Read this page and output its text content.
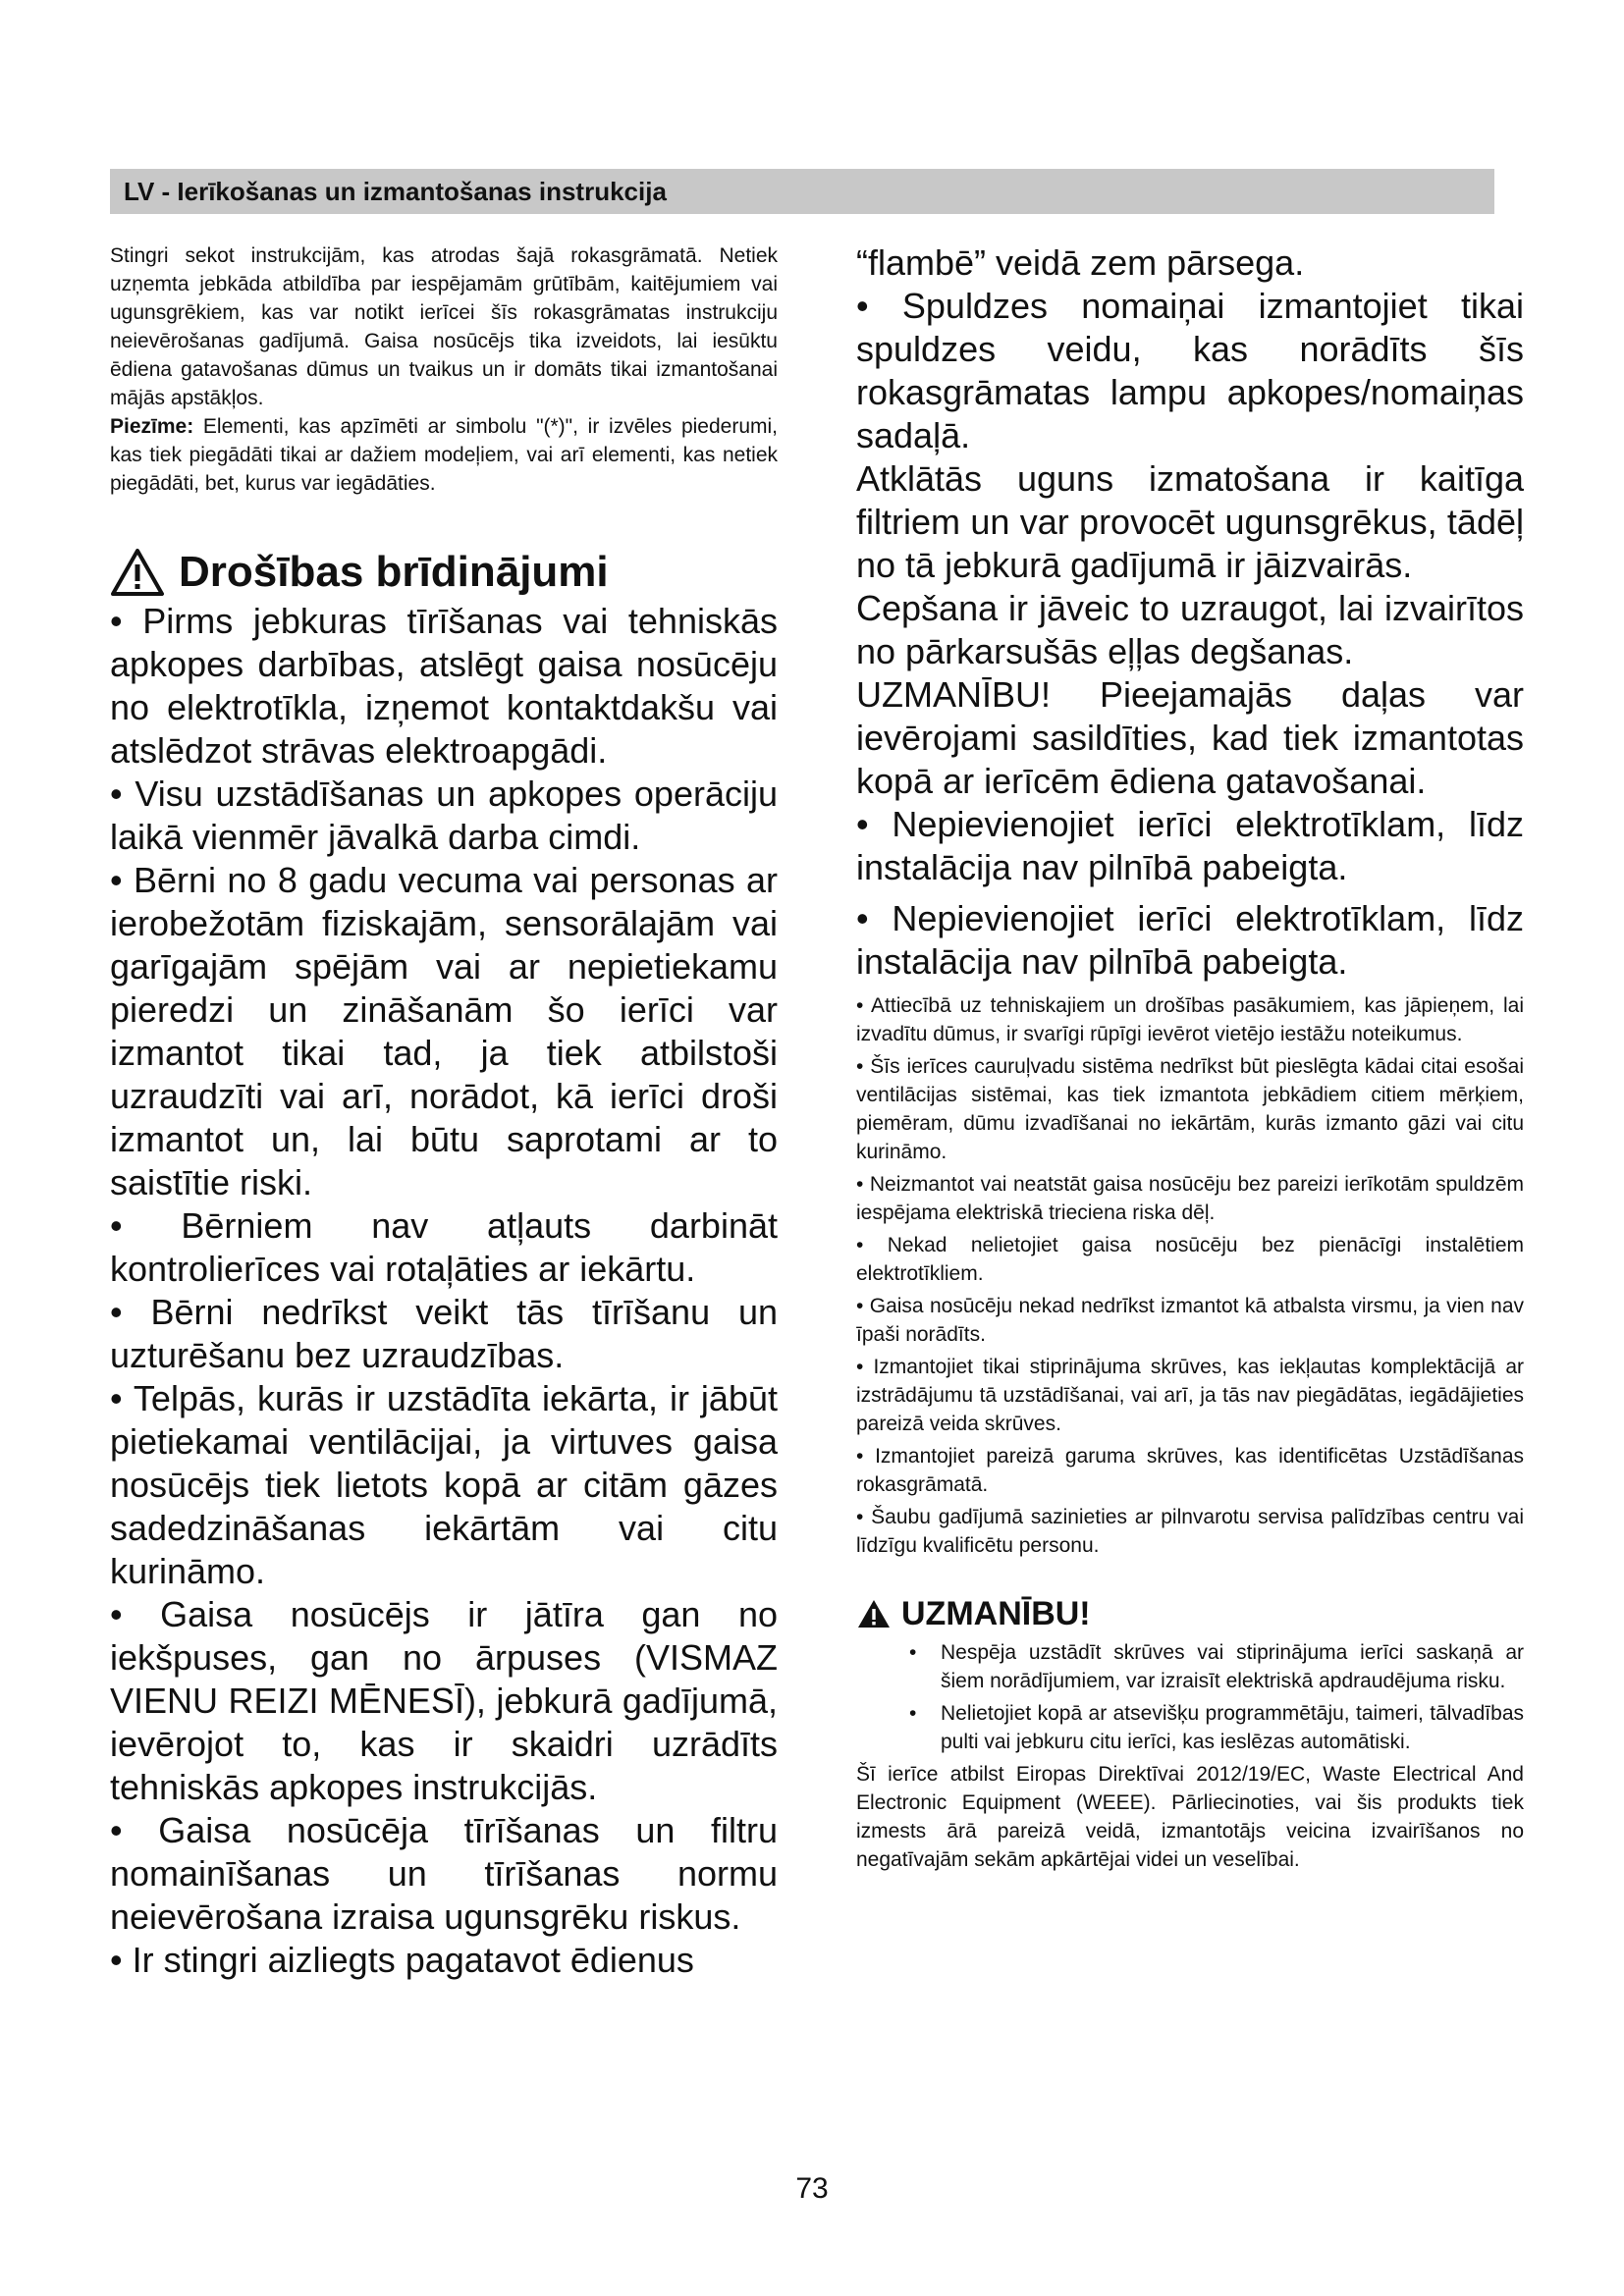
LV - Ierīkošanas un izmantošanas instrukcija

Stingri sekot instrukcijām, kas atrodas šajā rokasgrāmatā. Netiek uzņemta jebkāda atbildība par iespējamām grūtībām, kaitējumiem vai ugunsgrēkiem, kas var notikt ierīcei šīs rokasgrāmatas instrukciju neievērošanas gadījumā. Gaisa nosūcējs tika izveidots, lai iesūktu ēdiena gatavošanas dūmus un tvaikus un ir domāts tikai izmantošanai mājās apstākļos.

Piezīme: Elementi, kas apzīmēti ar simbolu "(*)", ir izvēles piederumi, kas tiek piegādāti tikai ar dažiem modeļiem, vai arī elementi, kas netiek piegādāti, bet, kurus var iegādāties.

Drošības brīdinājumi

• Pirms jebkuras tīrīšanas vai tehniskās apkopes darbības, atslēgt gaisa nosūcēju no elektrotīkla, izņemot kontaktdakšu vai atslēdzot strāvas elektroapgādi.

• Visu uzstādīšanas un apkopes operāciju laikā vienmēr jāvalkā darba cimdi.

• Bērni no 8 gadu vecuma vai personas ar ierobežotām fiziskajām, sensorālajām vai garīgajām spējām vai ar nepietiekamu pieredzi un zināšanām šo ierīci var izmantot tikai tad, ja tiek atbilstoši uzraudzīti vai arī, norādot, kā ierīci droši izmantot un, lai būtu saprotami ar to saistītie riski.

• Bērniem nav atļauts darbināt kontrolierīces vai rotaļāties ar iekārtu.

• Bērni nedrīkst veikt tās tīrīšanu un uzturēšanu bez uzraudzības.

• Telpās, kurās ir uzstādīta iekārta, ir jābūt pietiekamai ventilācijai, ja virtuves gaisa nosūcējs tiek lietots kopā ar citām gāzes sadedzināšanas iekārtām vai citu kurināmo.

• Gaisa nosūcējs ir jātīra gan no iekšpuses, gan no ārpuses (VISMAZ VIENU REIZI MĒNESĪ), jebkurā gadījumā, ievērojot to, kas ir skaidri uzrādīts tehniskās apkopes instrukcijās.

• Gaisa nosūcēja tīrīšanas un filtru nomainīšanas un tīrīšanas normu neievērošana izraisa ugunsgrēku riskus.

• Ir stingri aizliegts pagatavot ēdienus

“flambē” veidā zem pārsega.

• Spuldzes nomaiņai izmantojiet tikai spuldzes veidu, kas norādīts šīs rokasgrāmatas lampu apkopes/nomaiņas sadaļā.

Atklātās uguns izmatošana ir kaitīga filtriem un var provocēt ugunsgrēkus, tādēļ no tā jebkurā gadījumā ir jāizvairās.

Cepšana ir jāveic to uzraugot, lai izvairītos no pārkarsušās eļļas degšanas.

UZMANĪBU! Pieejamajās daļas var ievērojami sasildīties, kad tiek izmantotas kopā ar ierīcēm ēdiena gatavošanai.

• Nepievienojiet ierīci elektrotīklam, līdz instalācija nav pilnībā pabeigta.

• Nepievienojiet ierīci elektrotīklam, līdz instalācija nav pilnībā pabeigta.

• Attiecībā uz tehniskajiem un drošības pasākumiem, kas jāpieņem, lai izvadītu dūmus, ir svarīgi rūpīgi ievērot vietējo iestāžu noteikumus.

• Šīs ierīces cauruļvadu sistēma nedrīkst būt pieslēgta kādai citai esošai ventilācijas sistēmai, kas tiek izmantota jebkādiem citiem mērķiem, piemēram, dūmu izvadīšanai no iekārtām, kurās izmanto gāzi vai citu kurināmo.

• Neizmantot vai neatstāt gaisa nosūcēju bez pareizi ierīkotām spuldzēm iespējama elektriskā trieciena riska dēļ.

• Nekad nelietojiet gaisa nosūcēju bez pienācīgi instalētiem elektrotīkliem.

• Gaisa nosūcēju nekad nedrīkst izmantot kā atbalsta virsmu, ja vien nav īpaši norādīts.

• Izmantojiet tikai stiprinājuma skrūves, kas iekļautas komplektācijā ar izstrādājumu tā uzstādīšanai, vai arī, ja tās nav piegādātas, iegādājieties pareizā veida skrūves.

• Izmantojiet pareizā garuma skrūves, kas identificētas Uzstādīšanas rokasgrāmatā.

• Šaubu gadījumā sazinieties ar pilnvarotu servisa palīdzības centru vai līdzīgu kvalificētu personu.

UZMANĪBU!

• Nespēja uzstādīt skrūves vai stiprinājuma ierīci saskaņā ar šiem norādījumiem, var izraisīt elektriskā apdraudējuma risku.

• Nelietojiet kopā ar atsevišķu programmētāju, taimeri, tālvadības pulti vai jebkuru citu ierīci, kas ieslēzas automātiski.

Šī ierīce atbilst Eiropas Direktīvai 2012/19/EC, Waste Electrical And Electronic Equipment (WEEE). Pārliecinoties, vai šis produkts tiek izmests ārā pareizā veidā, izmantotājs veicina izvairīšanos no negatīvajām sekām apkārtējai videi un veselībai.

73
